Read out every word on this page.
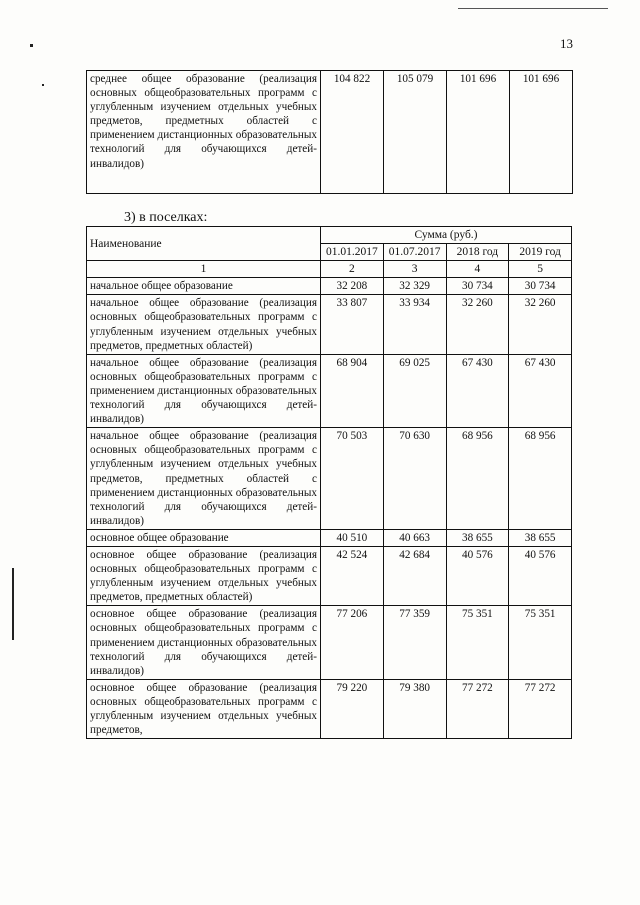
13
среднее общее образование (реализация основных общеобразовательных программ с углубленным изучением отдельных учебных предметов, предметных областей с применением дистанционных образовательных технологий для обучающихся детей-инвалидов)	104 822	105 079	101 696	101 696
3) в поселках:
Наименование	Сумма (руб.)			
	01.01.2017	01.07.2017	2018 год	2019 год
1	2	3	4	5
начальное общее образование	32 208	32 329	30 734	30 734
начальное общее образование (реализация основных общеобразовательных программ с углубленным изучением отдельных учебных предметов, предметных областей)	33 807	33 934	32 260	32 260
начальное общее образование (реализация основных общеобразовательных программ с применением дистанционных образовательных технологий для обучающихся детей-инвалидов)	68 904	69 025	67 430	67 430
начальное общее образование (реализация основных общеобразовательных программ с углубленным изучением отдельных учебных предметов, предметных областей с применением дистанционных образовательных технологий для обучающихся детей-инвалидов)	70 503	70 630	68 956	68 956
основное общее образование	40 510	40 663	38 655	38 655
основное общее образование (реализация основных общеобразовательных программ с углубленным изучением отдельных учебных предметов, предметных областей)	42 524	42 684	40 576	40 576
основное общее образование (реализация основных общеобразовательных программ с применением дистанционных образовательных технологий для обучающихся детей-инвалидов)	77 206	77 359	75 351	75 351
основное общее образование (реализация основных общеобразовательных программ с углубленным изучением отдельных учебных предметов,	79 220	79 380	77 272	77 272
